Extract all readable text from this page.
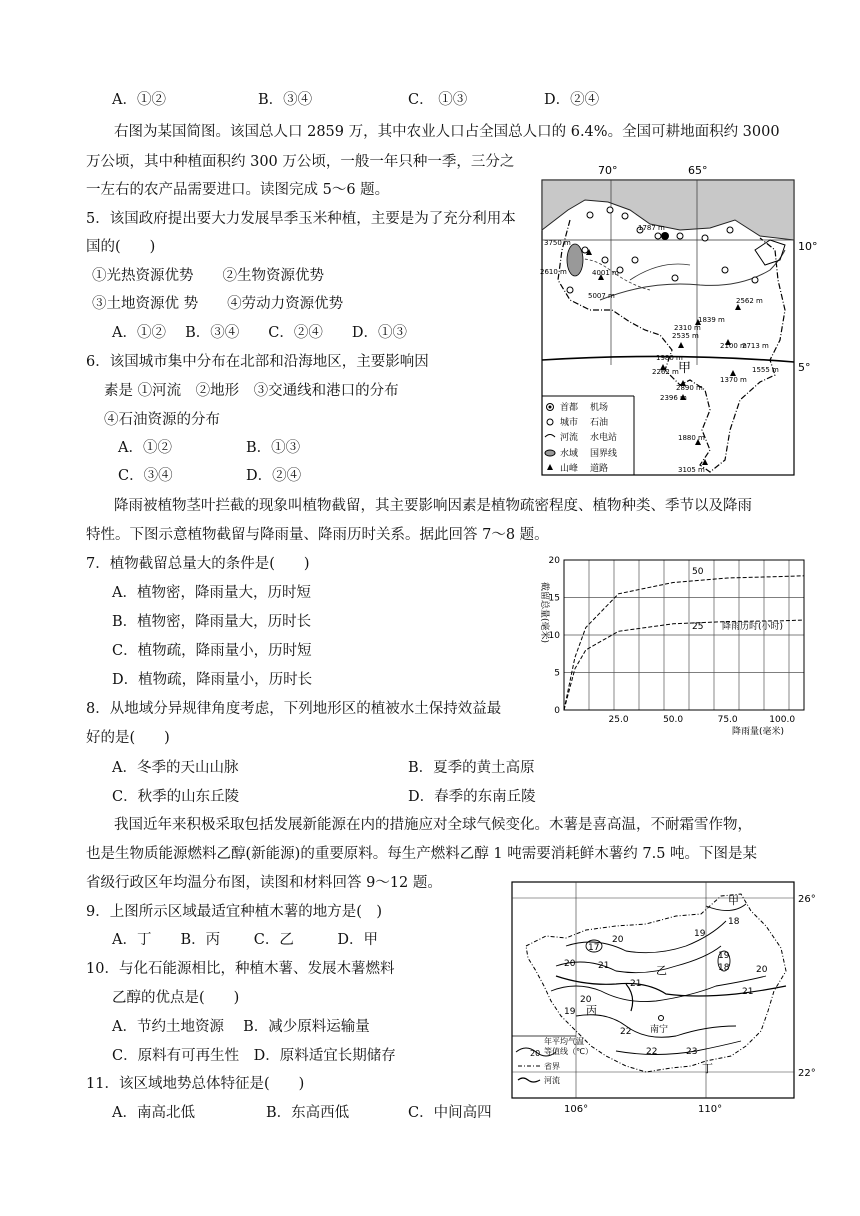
A．①②	B．③④	C． ①③	D．②④
右图为某国简图。该国总人口 2859 万，其中农业人口占全国总人口的 6.4%。全国可耕地面积约 3000
万公顷，其中种植面积约 300 万公顷，一般一年只种一季，三分之
一左右的农产品需要进口。读图完成 5～6 题。
5．该国政府提出要大力发展旱季玉米种植，主要是为了充分利用本
国的(　　)
①光热资源优势　　②生物资源优势
③土地资源优 势　　④劳动力资源优势
A．①②　 B．③④　　C．②④　　D．①③
6．该国城市集中分布在北部和沿海地区，主要影响因
素是 ①河流　②地形　③交通线和港口的分布
④石油资源的分布
A．①②	B．①③
C．③④	D．②④
70°	65°
10°
5°
1787 m
3750 m
2610 m	4001 m
5007 m
1839 m
2310 m
2562 m
2100 m
2713 m
2535 m
1980 m
2262 m
2890 m
2396 m
1370 m
1555 m
1880 m
3105 m
甲
首都 机场
城市 石油
河流 水电站
水域 国界线
山峰 道路
降雨被植物茎叶拦截的现象叫植物截留，其主要影响因素是植物疏密程度、植物种类、季节以及降雨
特性。下图示意植物截留与降雨量、降雨历时关系。据此回答 7～8 题。
7．植物截留总量大的条件是(　　)
A．植物密，降雨量大，历时短
B．植物密，降雨量大，历时长
C．植物疏，降雨量小，历时短
D．植物疏，降雨量小，历时长
8．从地域分异规律角度考虑，下列地形区的植被水土保持效益最
好的是(　　)
A．冬季的天山山脉	B．夏季的黄土高原
C．秋季的山东丘陵	D．春季的东南丘陵
截留总量(毫米)
0
5
10
15
20
25.0	50.0	75.0	100.0
降雨历时(小时)
50
25
降雨量(毫米)
我国近年来积极采取包括发展新能源在内的措施应对全球气候变化。木薯是喜高温，不耐霜雪作物，
也是生物质能源燃料乙醇(新能源)的重要原料。每生产燃料乙醇 1 吨需要消耗鲜木薯约 7.5 吨。下图是某
省级行政区年均温分布图，读图和材料回答 9～12 题。
9．上图所示区域最适宜种植木薯的地方是(　)
A．丁　　B．丙　　 C．乙　　　D．甲
10．与化石能源相比，种植木薯、发展木薯燃料
乙醇的优点是(　　)
A．节约土地资源　 B．减少原料运输量
C．原料有可再生性　D．原料适宜长期储存
11．该区域地势总体特征是(　　)
A．南高北低	B．东高西低	C．中间高四
26°
22°
106°	110°
甲
乙
丙
丁
南宁
18
17
19
20
20
19
18	20
21
21
21
19
22
22	23
20
20
年平均气温
等值线（℃）
省界
河流
